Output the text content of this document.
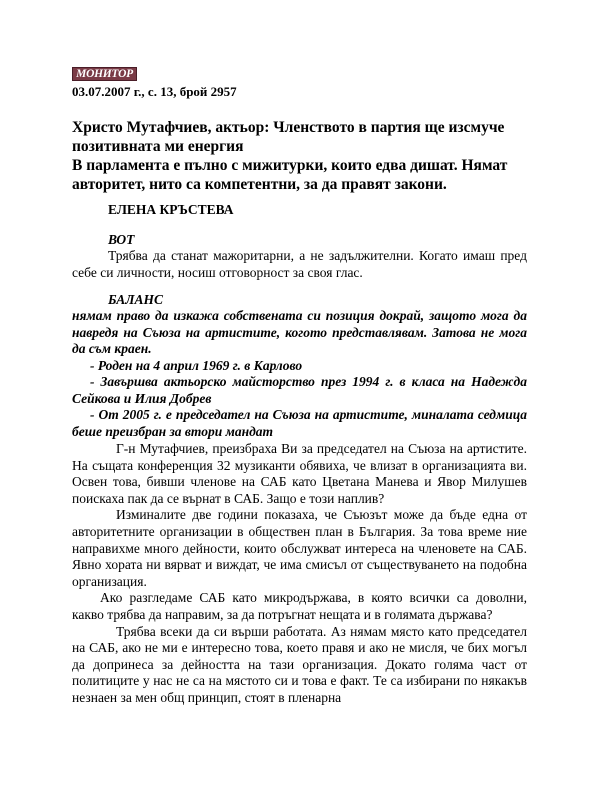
МОНИТОР
03.07.2007 г., с. 13, брой 2957
Христо Мутафчиев, актьор: Членството в партия ще изсмуче позитивната ми енергия
В парламента е пълно с мижитурки, които едва дишат. Нямат авторитет, нито са компетентни, за да правят закони.
ЕЛЕНА КРЪСТЕВА
ВОТ
Трябва да станат мажоритарни, а не задължителни. Когато имаш пред себе си личности, носиш отговорност за своя глас.
БАЛАНС
нямам право да изкажа собствената си позиция докрай, защото мога да навредя на Съюза на артистите, когото представлявам. Затова не мога да съм краен.
- Роден на 4 април 1969 г. в Карлово
- Завършва актьорско майсторство през 1994 г. в класа на Надежда Сейкова и Илия Добрев
- От 2005 г. е председател на Съюза на артистите, миналата седмица беше преизбран за втори мандат

Г-н Мутафчиев, преизбраха Ви за председател на Съюза на артистите. На същата конференция 32 музиканти обявиха, че влизат в организацията ви. Освен това, бивши членове на САБ като Цветана Манева и Явор Милушев поискаха пак да се върнат в САБ. Защо е този наплив?

Изминалите две години показаха, че Съюзът може да бъде една от авторитетните организации в обществен план в България. За това време ние направихме много дейности, които обслужват интереса на членовете на САБ. Явно хората ни вярват и виждат, че има смисъл от съществуването на подобна организация.

Ако разгледаме САБ като микродържава, в която всички са доволни, какво трябва да направим, за да потръгнат нещата и в голямата държава?

Трябва всеки да си върши работата. Аз нямам място като председател на САБ, ако не ми е интересно това, което правя и ако не мисля, че бих могъл да допринеса за дейността на тази организация. Докато голяма част от политиците у нас не са на мястото си и това е факт. Те са избирани по някакъв незнаен за мен общ принцип, стоят в пленарна
